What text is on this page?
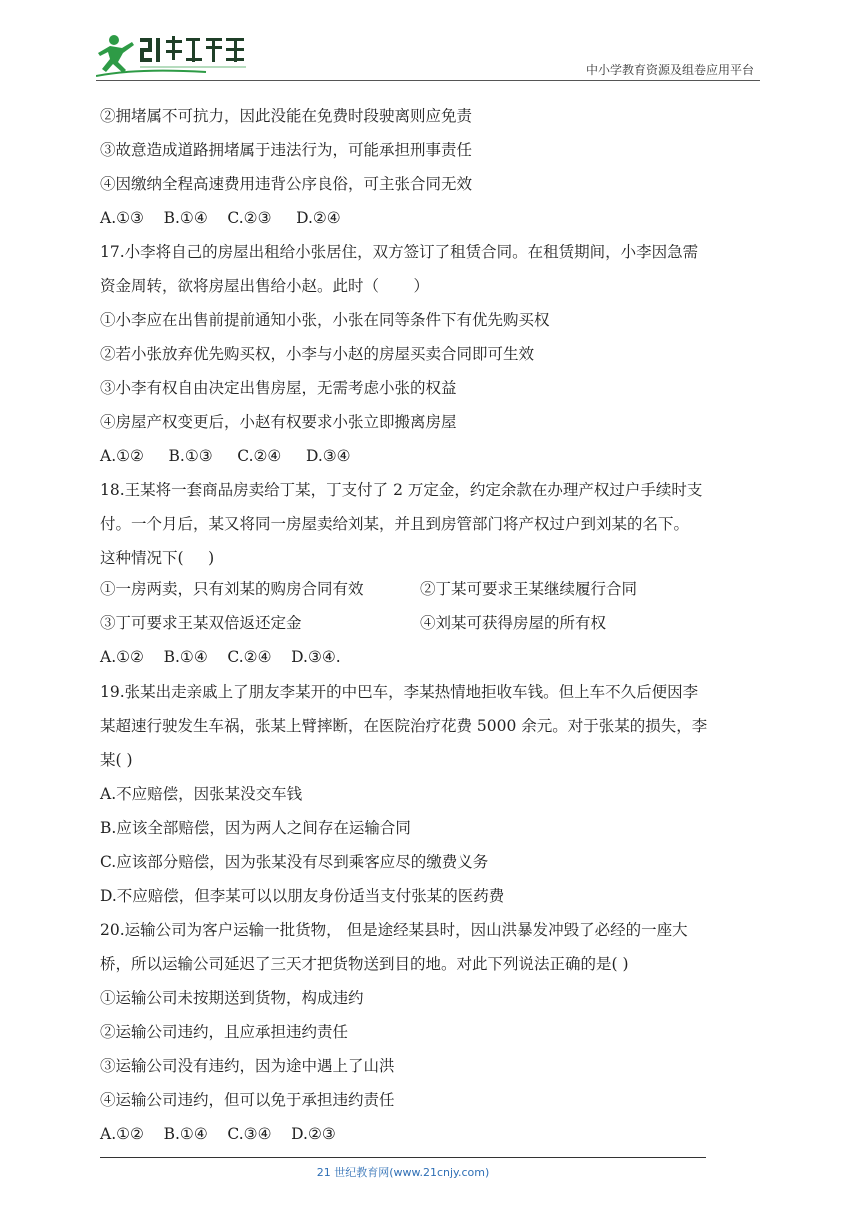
中小学教育资源及组卷应用平台
②拥堵属不可抗力，因此没能在免费时段驶离则应免责
③故意造成道路拥堵属于违法行为，可能承担刑事责任
④因缴纳全程高速费用违背公序良俗，可主张合同无效
A.①③    B.①④    C.②③     D.②④
17.小李将自己的房屋出租给小张居住，双方签订了租赁合同。在租赁期间，小李因急需
资金周转，欲将房屋出售给小赵。此时（       ）
①小李应在出售前提前通知小张，小张在同等条件下有优先购买权
②若小张放弃优先购买权，小李与小赵的房屋买卖合同即可生效
③小李有权自由决定出售房屋，无需考虑小张的权益
④房屋产权变更后，小赵有权要求小张立即搬离房屋
A.①②     B.①③     C.②④     D.③④
18.王某将一套商品房卖给丁某，丁支付了 2 万定金，约定余款在办理产权过户手续时支
付。一个月后，某又将同一房屋卖给刘某，并且到房管部门将产权过户到刘某的名下。
这种情况下(     )

①一房两卖，只有刘某的购房合同有效

	②丁某可要求王某继续履行合同

③丁可要求王某双倍返还定金

	④刘某可获得房屋的所有权

A.①②    B.①④    C.②④    D.③④.
19.张某出走亲戚上了朋友李某开的中巴车，李某热情地拒收车钱。但上车不久后便因李
某超速行驶发生车祸，张某上臂摔断，在医院治疗花费 5000 余元。对于张某的损失，李
某( )
A.不应赔偿，因张某没交车钱
B.应该全部赔偿，因为两人之间存在运输合同
C.应该部分赔偿，因为张某没有尽到乘客应尽的缴费义务
D.不应赔偿，但李某可以以朋友身份适当支付张某的医药费
20.运输公司为客户运输一批货物， 但是途经某县时，因山洪暴发冲毁了必经的一座大
桥，所以运输公司延迟了三天才把货物送到目的地。对此下列说法正确的是( )
①运输公司未按期送到货物，构成违约
②运输公司违约，且应承担违约责任
③运输公司没有违约，因为途中遇上了山洪
④运输公司违约，但可以免于承担违约责任
A.①②    B.①④    C.③④    D.②③
21 世纪教育网(www.21cnjy.com)
